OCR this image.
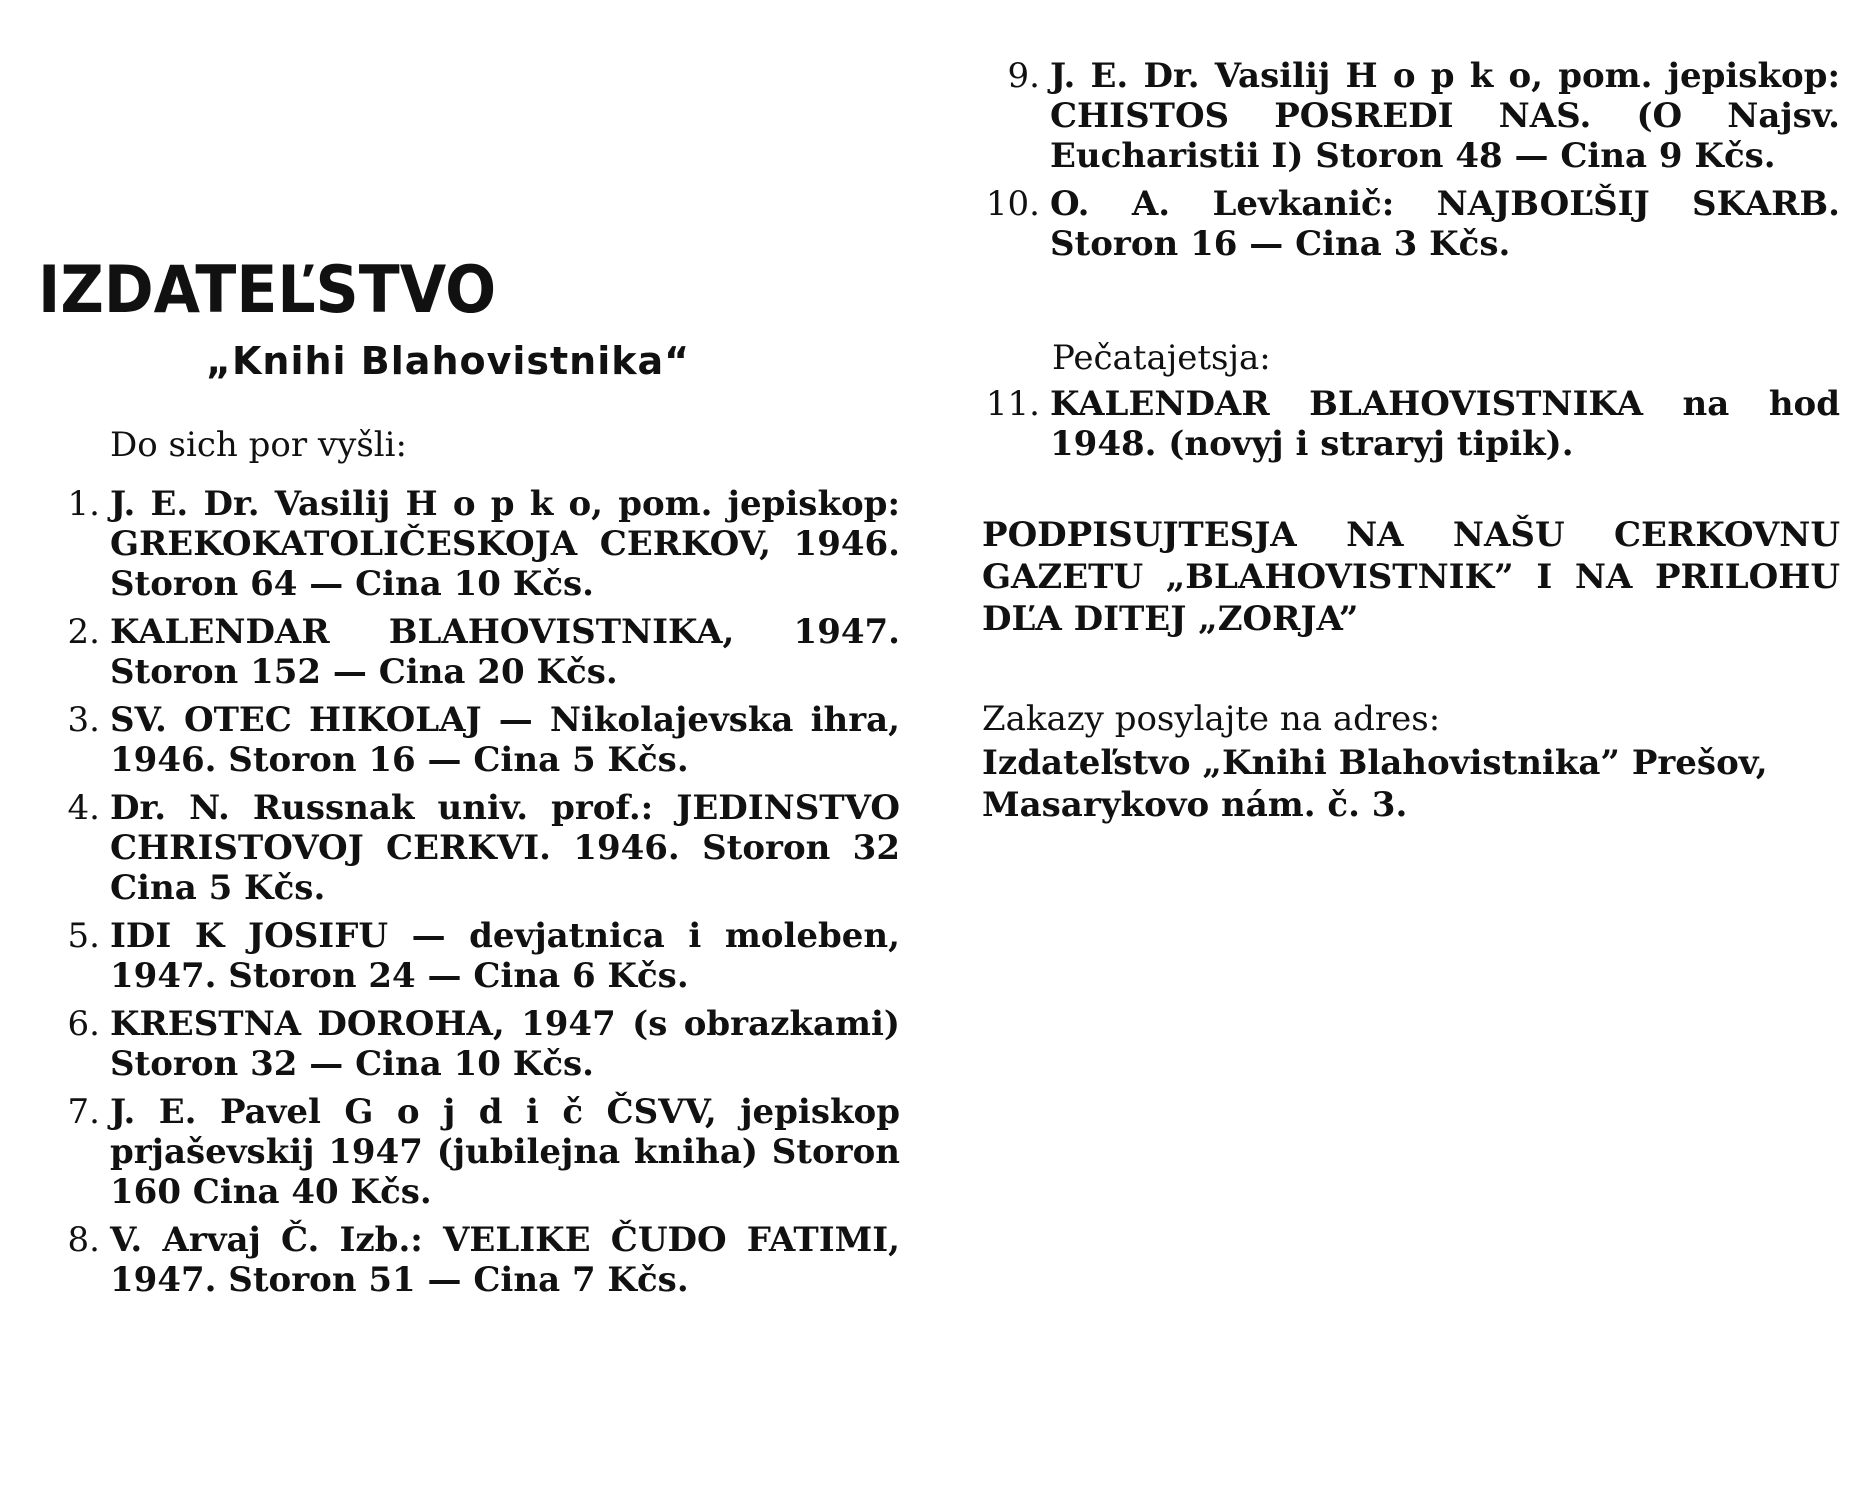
IZDATEĽSTVO
„Knihi Blahovistnika“

Do sich por vyšli:

1. J. E. Dr. Vasilij H o p k o, pom. jepiskop: GREKOKATOLIČESKOJA CERKOV, 1946. Storon 64 — Cina 10 Kčs.
2. KALENDAR BLAHOVISTNIKA, 1947. Storon 152 — Cina 20 Kčs.
3. SV. OTEC HIKOLAJ — Nikolajevska ihra, 1946. Storon 16 — Cina 5 Kčs.
4. Dr. N. Russnak univ. prof.: JEDINSTVO CHRISTOVOJ CERKVI. 1946. Storon 32 Cina 5 Kčs.
5. IDI K JOSIFU — devjatnica i moleben, 1947. Storon 24 — Cina 6 Kčs.
6. KRESTNA DOROHA, 1947 (s obrazkami) Storon 32 — Cina 10 Kčs.
7. J. E. Pavel G o j d i č ČSVV, jepiskop prjaševskij 1947 (jubilejna kniha) Storon 160 Cina 40 Kčs.
8. V. Arvaj Č. Izb.: VELIKE ČUDO FATIMI, 1947. Storon 51 — Cina 7 Kčs.
9. J. E. Dr. Vasilij H o p k o, pom. jepiskop: CHISTOS POSREDI NAS. (O Najsv. Eucharistii I) Storon 48 — Cina 9 Kčs.
10. O. A. Levkanič: NAJBOĽŠIJ SKARB. Storon 16 — Cina 3 Kčs.

Pečatajetsja:

11. KALENDAR BLAHOVISTNIKA na hod 1948. (novyj i straryj tipik).

PODPISUJTESJA NA NAŠU CERKOVNU GAZETU „BLAHOVISTNIK” I NA PRILOHU DĽA DITEJ „ZORJA”

Zakazy posylajte na adres:

Izdateľstvo „Knihi Blahovistnika” Prešov, Masarykovo nám. č. 3.
